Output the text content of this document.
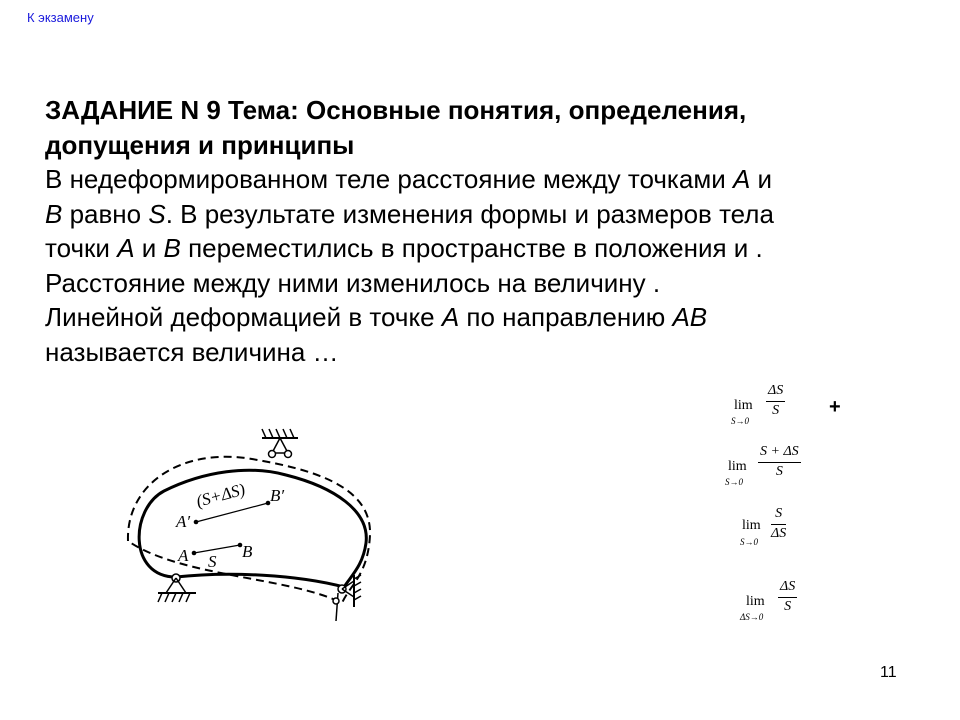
К экзамену
ЗАДАНИЕ N 9 Тема: Основные понятия, определения,
допущения и принципы
В недеформированном теле расстояние между точками А и
В равно S. В результате изменения формы и размеров тела
точки А и В переместились в пространстве в положения и .
Расстояние между ними изменилось на величину .
Линейной деформацией в точке А по направлению АВ
называется величина …
lim
S→0
ΔS
S	+
lim
S→0
S + ΔS
S
lim
S→0
S
ΔS
lim
ΔS→0
ΔS
S
A′
(S+ΔS) B′
A S
B
11
